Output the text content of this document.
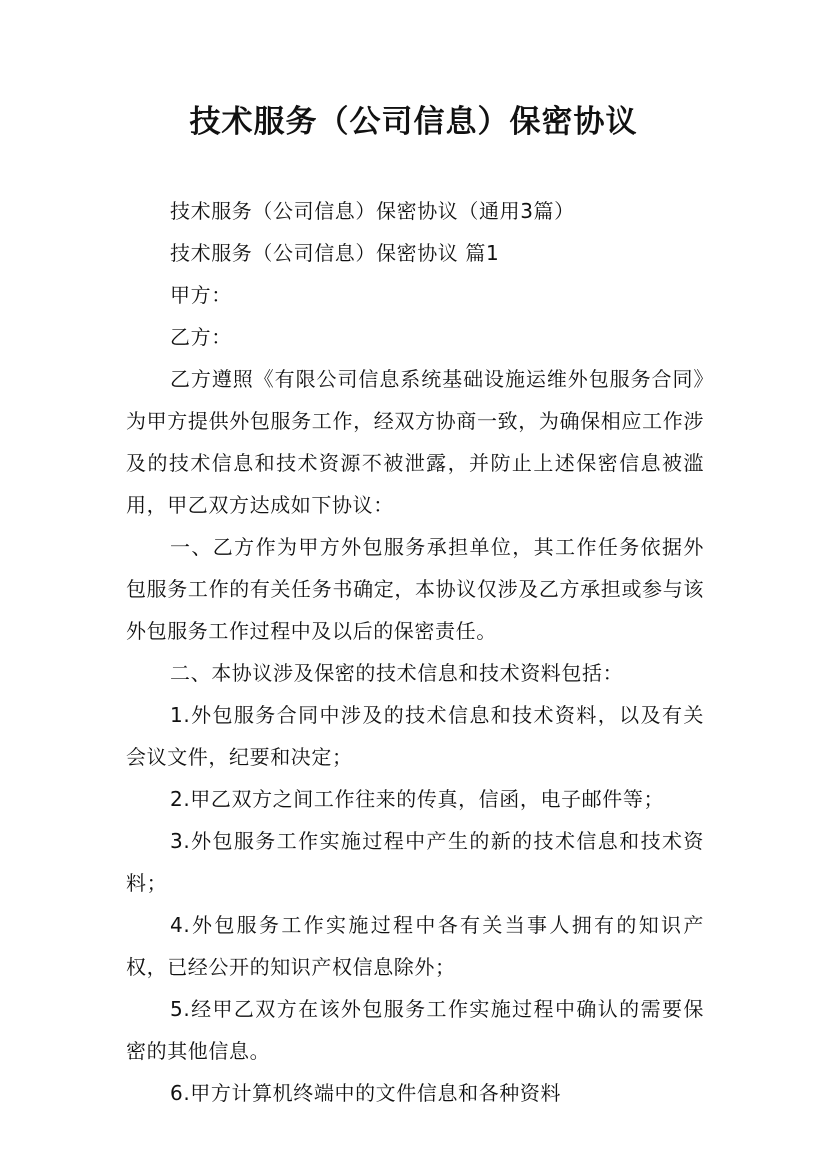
技术服务（公司信息）保密协议

技术服务（公司信息）保密协议（通用3篇）

技术服务（公司信息）保密协议 篇1

甲方：

乙方：

乙方遵照《有限公司信息系统基础设施运维外包服务合同》为甲方提供外包服务工作，经双方协商一致，为确保相应工作涉及的技术信息和技术资源不被泄露，并防止上述保密信息被滥用，甲乙双方达成如下协议：

一、乙方作为甲方外包服务承担单位，其工作任务依据外包服务工作的有关任务书确定，本协议仅涉及乙方承担或参与该外包服务工作过程中及以后的保密责任。

二、本协议涉及保密的技术信息和技术资料包括：

1.外包服务合同中涉及的技术信息和技术资料，以及有关会议文件，纪要和决定；

2.甲乙双方之间工作往来的传真，信函，电子邮件等；

3.外包服务工作实施过程中产生的新的技术信息和技术资料；

4.外包服务工作实施过程中各有关当事人拥有的知识产权，已经公开的知识产权信息除外；

5.经甲乙双方在该外包服务工作实施过程中确认的需要保密的其他信息。

6.甲方计算机终端中的文件信息和各种资料
